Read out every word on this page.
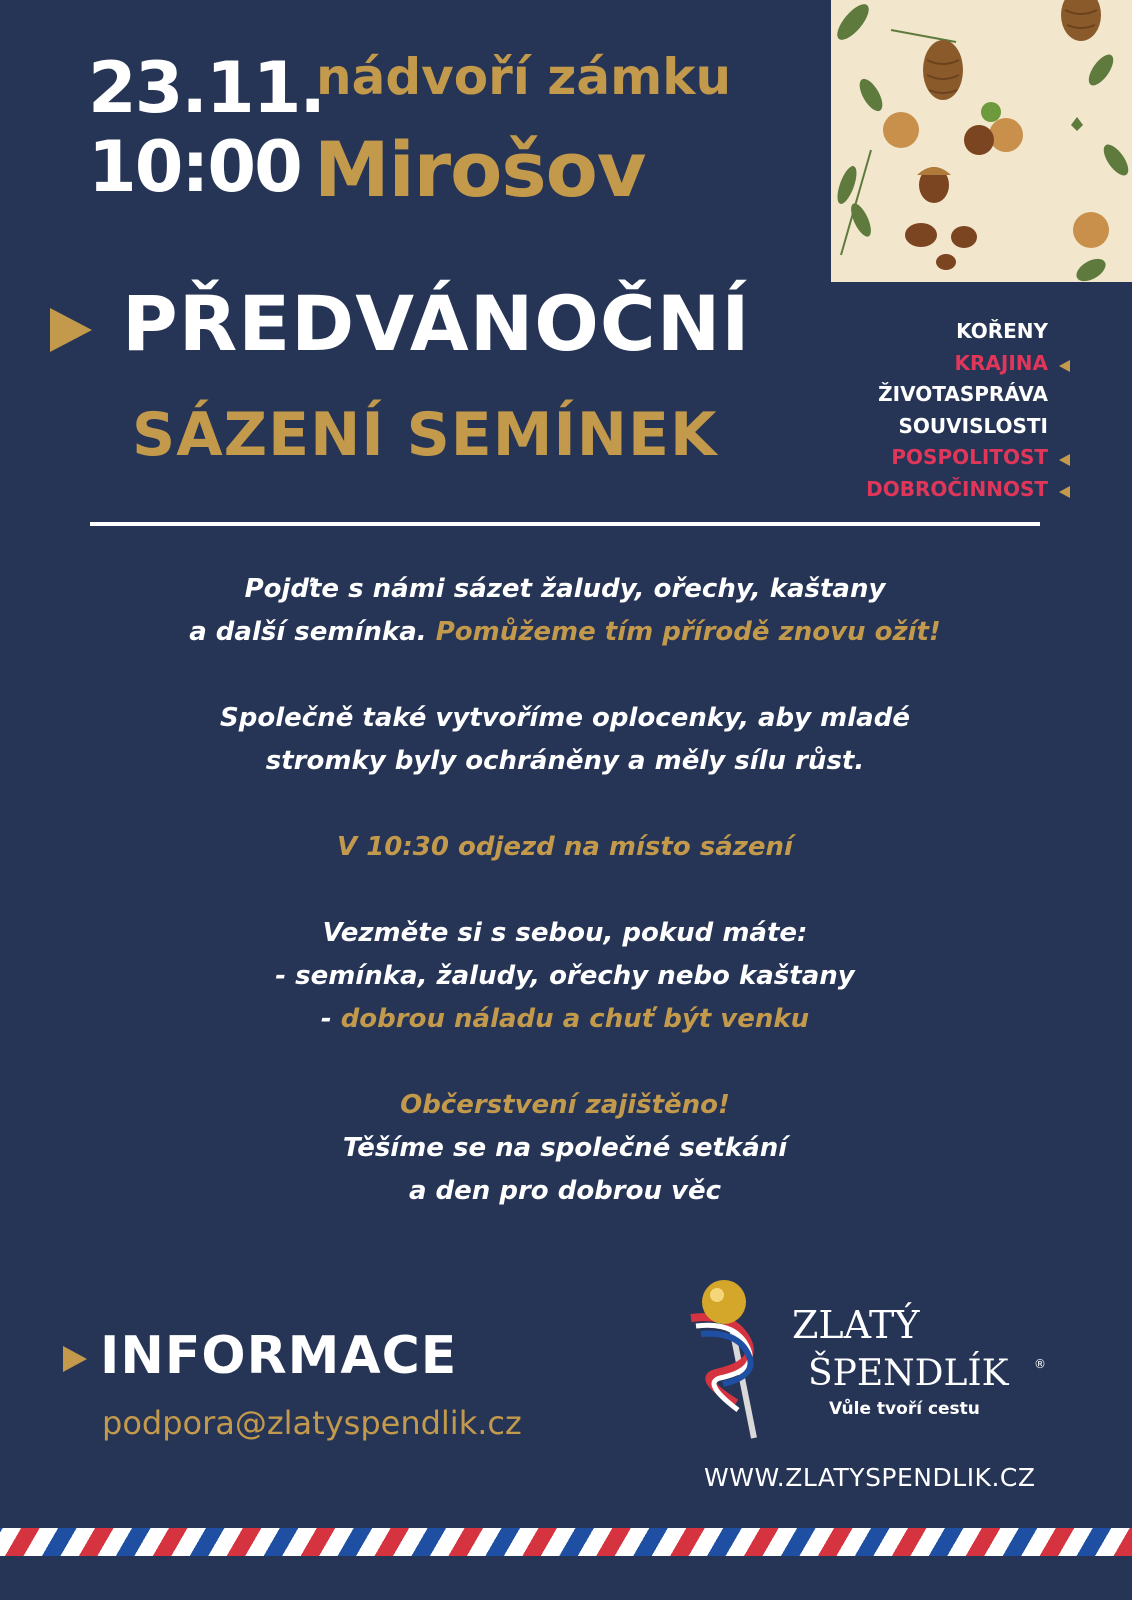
23.11.
10:00
nádvoří zámku
Mirošov
PŘEDVÁNOČNÍ
SÁZENÍ SEMÍNEK
KOŘENY
KRAJINA
ŽIVOTASPRÁVA
SOUVISLOSTI
POSPOLITOST
DOBROČINNOST

Pojďte s námi sázet žaludy, ořechy, kaštany

a další semínka. Pomůžeme tím přírodě znovu ožít!

Společně také vytvoříme oplocenky, aby mladé

stromky byly ochráněny a měly sílu růst.

V 10:30 odjezd na místo sázení

Vezměte si s sebou, pokud máte:

- semínka, žaludy, ořechy nebo kaštany

- dobrou náladu a chuť být venku

Občerstvení zajištěno!

Těšíme se na společné setkání

a den pro dobrou věc

INFORMACE
podpora@zlatyspendlik.cz
ZLATÝ
ŠPENDLÍK ®
Vůle tvoří cestu
WWW.ZLATYSPENDLIK.CZ
